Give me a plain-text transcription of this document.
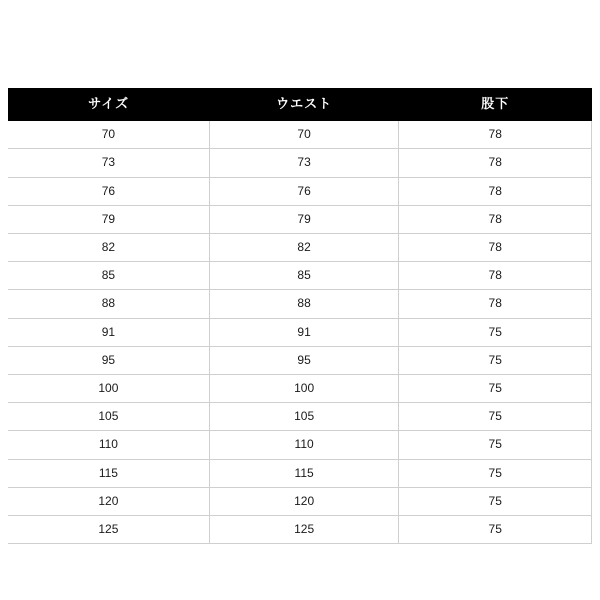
サイズ	ウエスト	股下
70	70	78
73	73	78
76	76	78
79	79	78
82	82	78
85	85	78
88	88	78
91	91	75
95	95	75
100	100	75
105	105	75
110	110	75
115	115	75
120	120	75
125	125	75
